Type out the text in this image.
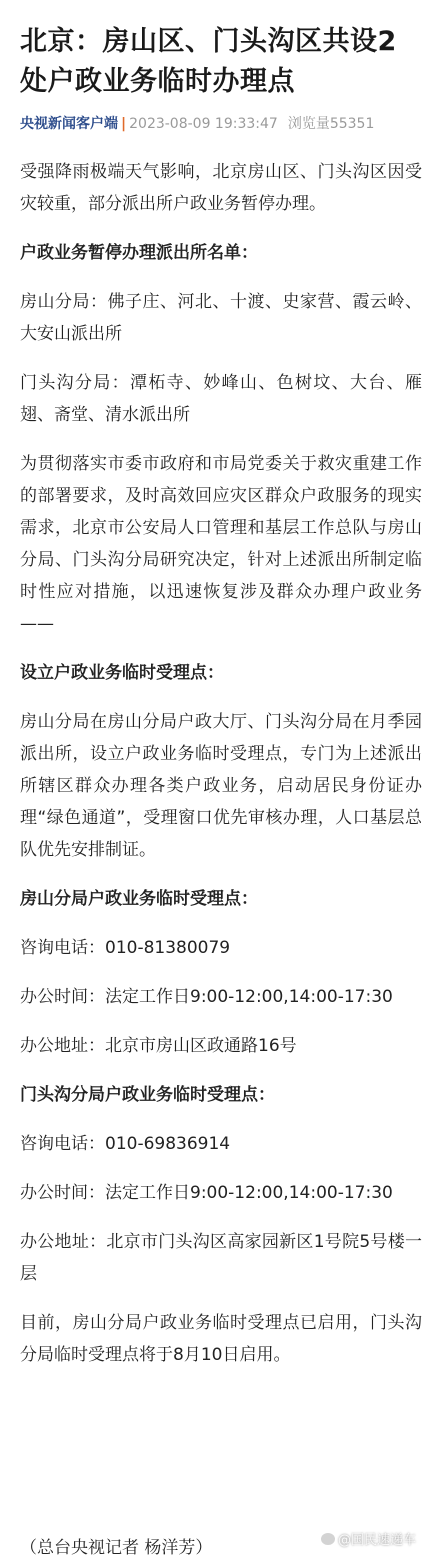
北京：房山区、门头沟区共设2处户政业务临时办理点
央视新闻客户端 | 2023-08-09 19:33:47 浏览量55351

受强降雨极端天气影响，北京房山区、门头沟区因受灾较重，部分派出所户政业务暂停办理。

户政业务暂停办理派出所名单：

房山分局：佛子庄、河北、十渡、史家营、霞云岭、大安山派出所

门头沟分局：潭柘寺、妙峰山、色树坟、大台、雁翅、斋堂、清水派出所

为贯彻落实市委市政府和市局党委关于救灾重建工作的部署要求，及时高效回应灾区群众户政服务的现实需求，北京市公安局人口管理和基层工作总队与房山分局、门头沟分局研究决定，针对上述派出所制定临时性应对措施，以迅速恢复涉及群众办理户政业务——

设立户政业务临时受理点：

房山分局在房山分局户政大厅、门头沟分局在月季园派出所，设立户政业务临时受理点，专门为上述派出所辖区群众办理各类户政业务，启动居民身份证办理“绿色通道”，受理窗口优先审核办理，人口基层总队优先安排制证。

房山分局户政业务临时受理点：

咨询电话：010-81380079

办公时间：法定工作日9:00-12:00,14:00-17:30

办公地址：北京市房山区政通路16号

门头沟分局户政业务临时受理点：

咨询电话：010-69836914

办公时间：法定工作日9:00-12:00,14:00-17:30

办公地址：北京市门头沟区高家园新区1号院5号楼一层

目前，房山分局户政业务临时受理点已启用，门头沟分局临时受理点将于8月10日启用。

（总台央视记者 杨洋芳）	@国民速递车
